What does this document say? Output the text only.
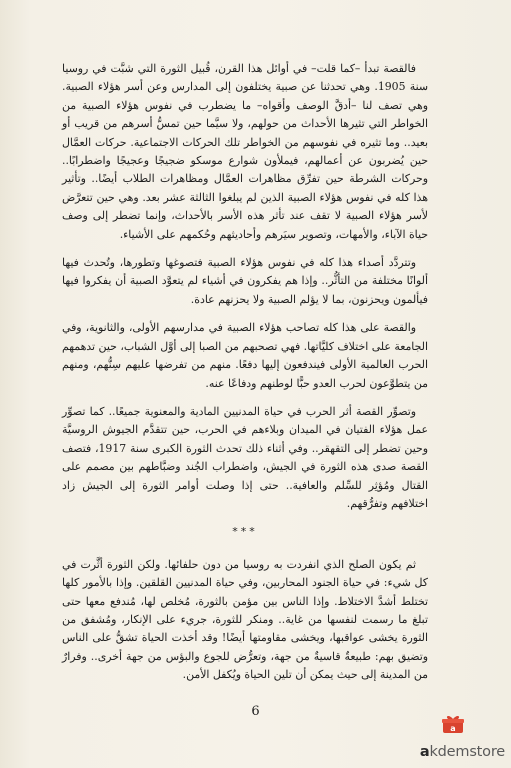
فالقصة تبدأ –كما قلت– في أوائل هذا القرن، قُبيل الثورة التي شبَّت في روسيا سنة 1905. وهي تحدثنا عن صبية يختلفون إلى المدارس وعن أسر هؤلاء الصبية. وهي تصف لنا –أدقَّ الوصف وأقواه– ما يضطرب في نفوس هؤلاء الصبية من الخواطر التي تثيرها الأحداث من حولهم، ولا سيَّما حين تمسُّ أسرهم من قريب أو بعيد.. وما تثيره في نفوسهم من الخواطر تلك الحركات الاجتماعية. حركات العمَّال حين يُضربون عن أعمالهم، فيملأون شوارع موسكو ضجيجًا وعجيجًا واضطرابًا.. وحركات الشرطة حين تفرِّق مظاهرات العمَّال ومظاهرات الطلاب أيضًا.. وتأثير هذا كله في نفوس هؤلاء الصبية الذين لم يبلغوا الثالثة عشر بعد. وهي حين تتعرَّض لأسر هؤلاء الصبية لا تقف عند تأثر هذه الأسر بالأحداث، وإنما تضطر إلى وصف حياة الآباء، والأمهات، وتصوير سيَرهم وأحاديثهم وحُكمهم على الأشياء.

وتتردَّد أصداء هذا كله في نفوس هؤلاء الصبية فتصوغها وتطورها، وتُحدث فيها ألوانًا مختلفة من التأثُّر.. وإذا هم يفكرون في أشياء لم يتعوَّد الصبية أن يفكروا فيها فيألمون ويحزنون، بما لا يؤلم الصبية ولا يحزنهم عادة.

والقصة على هذا كله تصاحب هؤلاء الصبية في مدارسهم الأولى، والثانوية، وفي الجامعة على اختلاف كليَّاتها. فهي تصحبهم من الصبا إلى أوَّل الشباب، حين تدهمهم الحرب العالمية الأولى فيندفعون إليها دفعًا. منهم من تفرضها عليهم سِنُّهم، ومنهم من يتطوَّعون لحرب العدو حبًّا لوطنهم ودفاعًا عنه.

وتصوِّر القصة أثر الحرب في حياة المدنيين المادية والمعنوية جميعًا.. كما تصوِّر عمل هؤلاء الفتيان في الميدان وبلاءهم في الحرب، حين تتقدَّم الجيوش الروسيَّة وحين تضطر إلى التقهقر.. وفي أثناء ذلك تحدث الثورة الكبرى سنة 1917، فتصف القصة صدى هذه الثورة في الجيش، واضطراب الجُند وضبَّاطهم بين مصمم على القتال ومُؤثِر للسِّلم والعافية.. حتى إذا وصلت أوامر الثورة إلى الجيش زاد اختلافهم وتفرُّقهم.

***

ثم يكون الصلح الذي انفردت به روسيا من دون حلفائها. ولكن الثورة أثَّرت في كل شيء: في حياة الجنود المحاربين، وفي حياة المدنيين القلقين. وإذا بالأمور كلها تختلط أشدَّ الاختلاط. وإذا الناس بين مؤمن بالثورة، مُخلص لها، مُندفع معها حتى تبلغ ما رسمت لنفسها من غاية.. ومنكر للثورة، جريء على الإنكار، ومُشفق من الثورة يخشى عواقبها، ويخشى مقاومتها أيضًا! وقد أخذت الحياة تشقُّ على الناس وتضيق بهم: طبيعةٌ قاسيةٌ من جهة، وتعرُّض للجوع والبؤس من جهة أخرى.. وفرارٌ من المدينة إلى حيث يمكن أن تلين الحياة ويُكفل الأمن.

6
a
akdemstore
